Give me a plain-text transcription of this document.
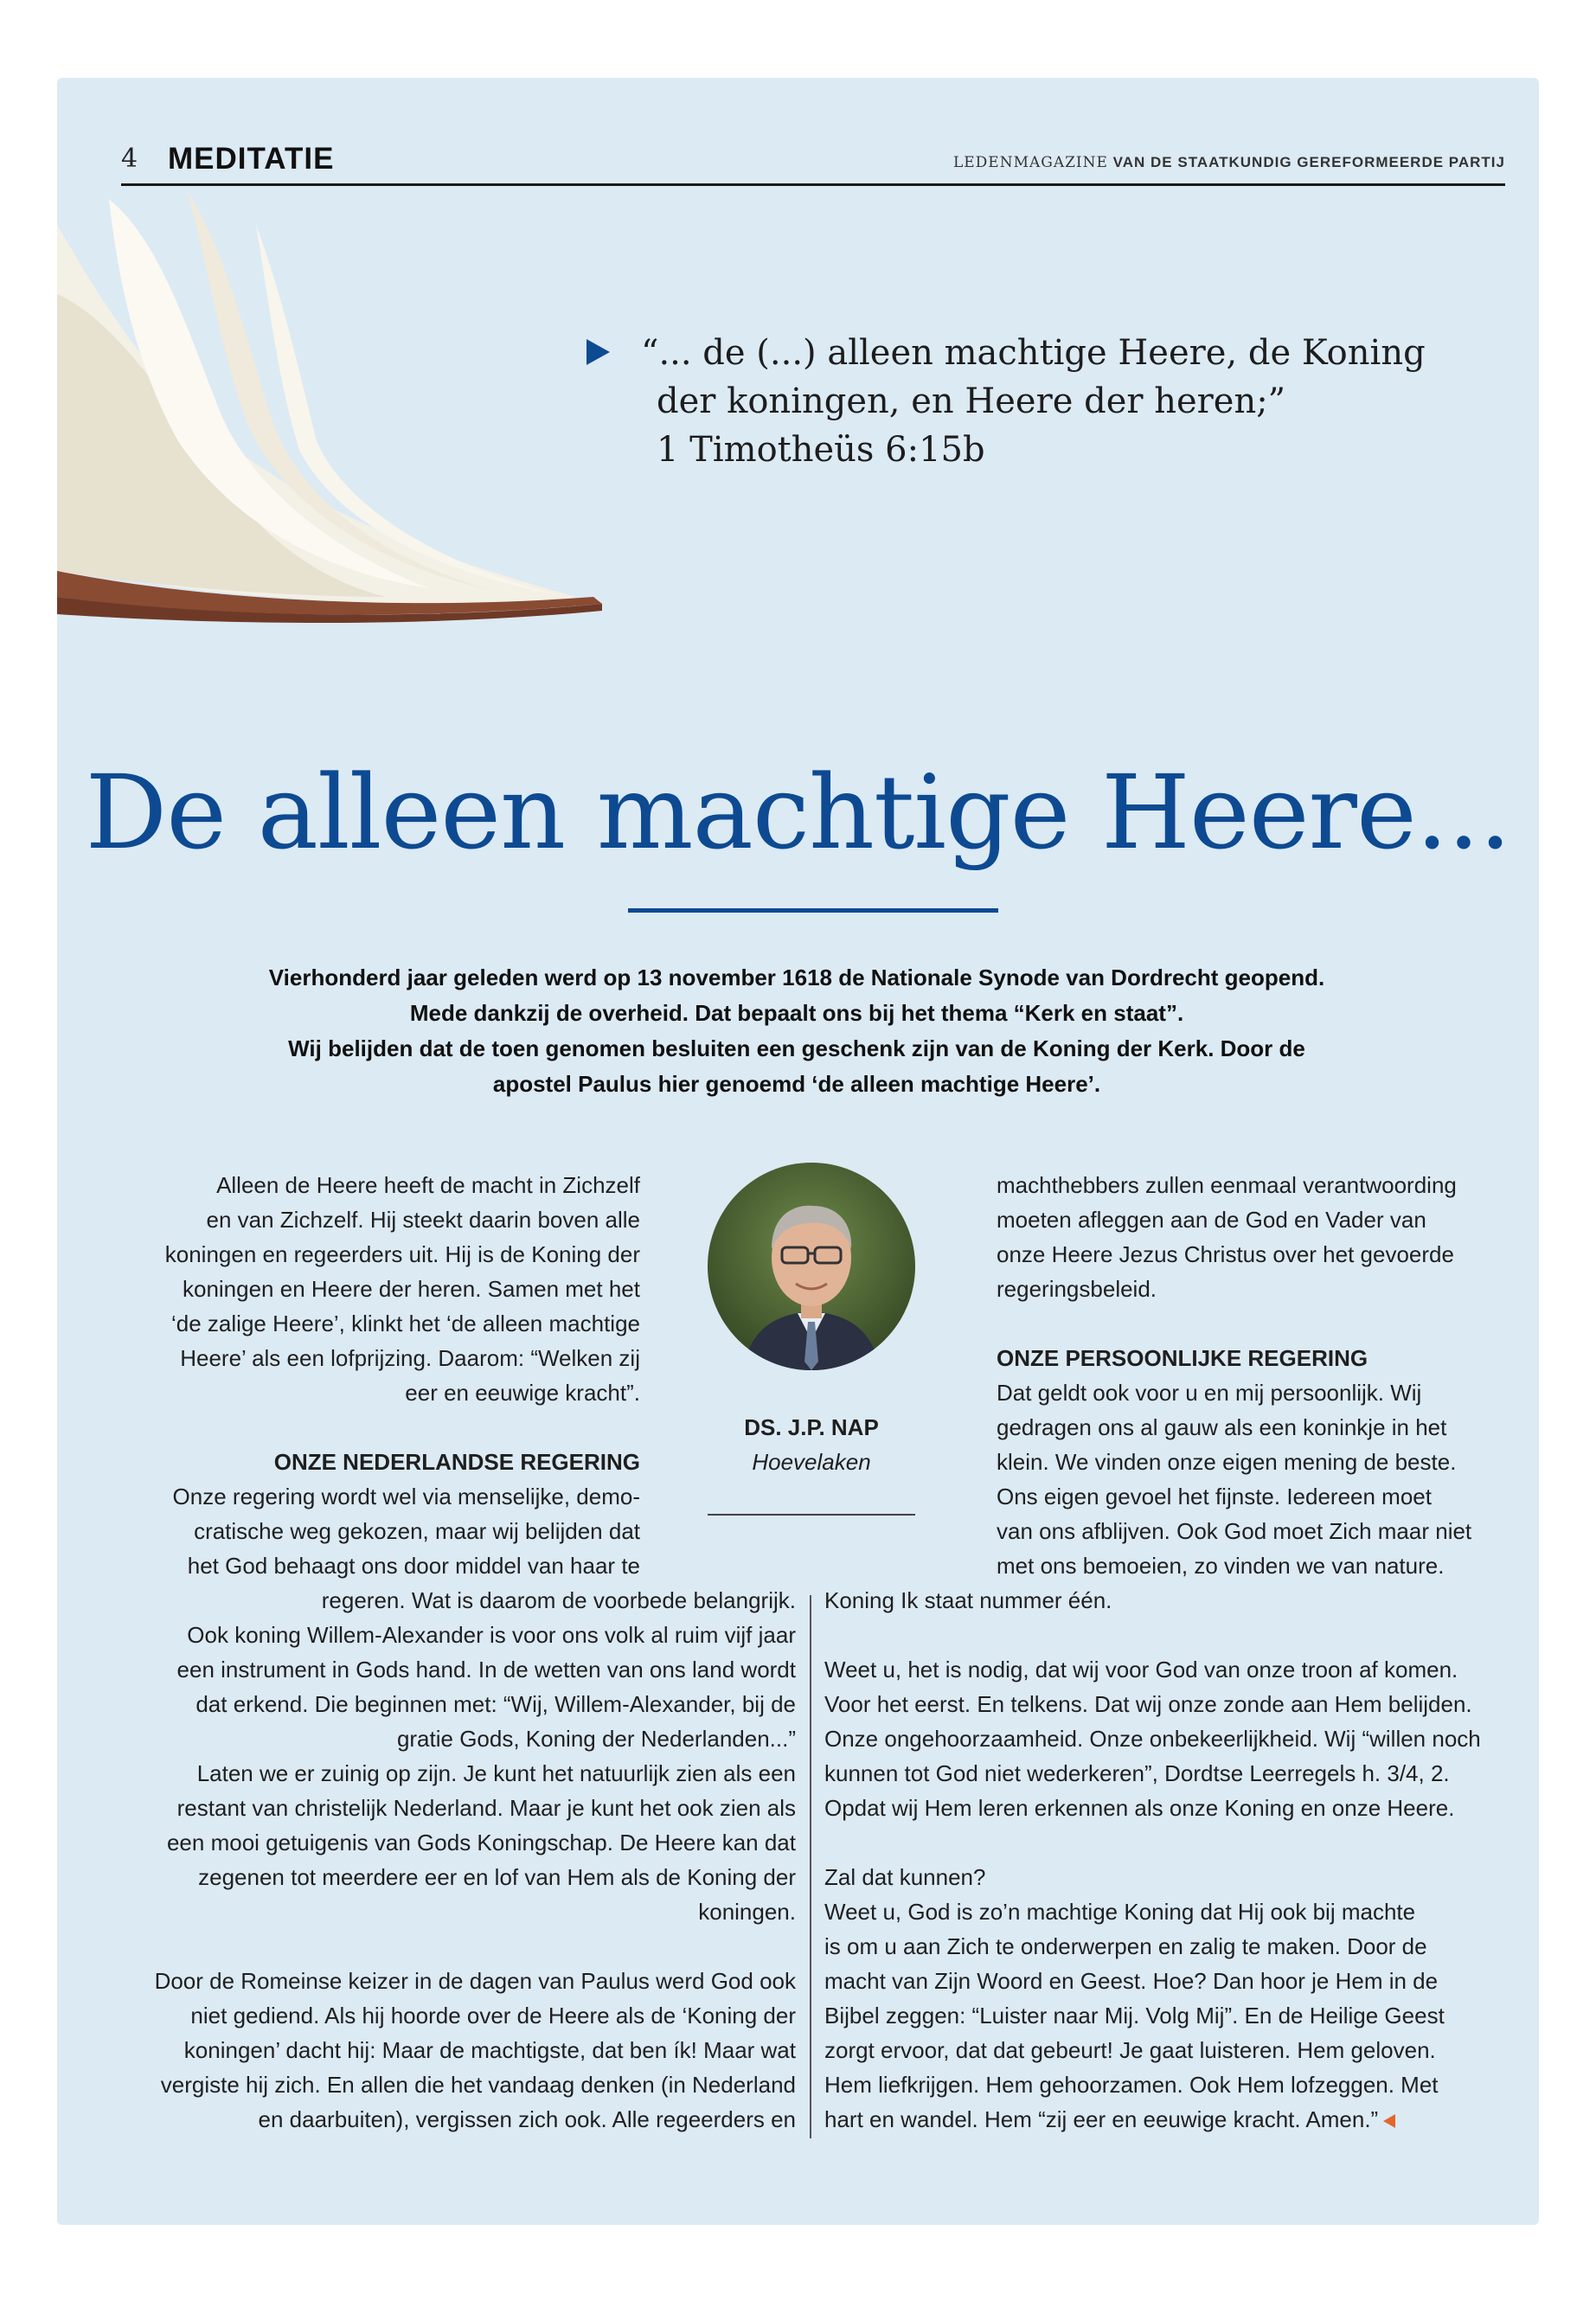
4 MEDITATIE	LEDENMAGAZINE VAN DE STAATKUNDIG GEREFORMEERDE PARTIJ
“... de (...) alleen machtige Heere, de Koning
der koningen, en Heere der heren;”
1 Timotheüs 6:15b
De alleen machtige Heere...
Vierhonderd jaar geleden werd op 13 november 1618 de Nationale Synode van Dordrecht geopend.
Mede dankzij de overheid. Dat bepaalt ons bij het thema “Kerk en staat”.
Wij belijden dat de toen genomen besluiten een geschenk zijn van de Koning der Kerk. Door de
apostel Paulus hier genoemd ‘de alleen machtige Heere’.
Alleen de Heere heeft de macht in Zichzelf
en van Zichzelf. Hij steekt daarin boven alle
koningen en regeerders uit. Hij is de Koning der
koningen en Heere der heren. Samen met het
‘de zalige Heere’, klinkt het ‘de alleen machtige
Heere’ als een lofprijzing. Daarom: “Welken zij
eer en eeuwige kracht”.
ONZE NEDERLANDSE REGERING
Onze regering wordt wel via menselijke, demo-
cratische weg gekozen, maar wij belijden dat
het God behaagt ons door middel van haar te
regeren. Wat is daarom de voorbede belangrijk.
Ook koning Willem-Alexander is voor ons volk al ruim vijf jaar
een instrument in Gods hand. In de wetten van ons land wordt
dat erkend. Die beginnen met: “Wij, Willem-Alexander, bij de
gratie Gods, Koning der Nederlanden...”
Laten we er zuinig op zijn. Je kunt het natuurlijk zien als een
restant van christelijk Nederland. Maar je kunt het ook zien als
een mooi getuigenis van Gods Koningschap. De Heere kan dat
zegenen tot meerdere eer en lof van Hem als de Koning der
koningen.
Door de Romeinse keizer in de dagen van Paulus werd God ook
niet gediend. Als hij hoorde over de Heere als de ‘Koning der
koningen’ dacht hij: Maar de machtigste, dat ben ík! Maar wat
vergiste hij zich. En allen die het vandaag denken (in Nederland
en daarbuiten), vergissen zich ook. Alle regeerders en
DS. J.P. NAP
Hoevelaken
machthebbers zullen eenmaal verantwoording
moeten afleggen aan de God en Vader van
onze Heere Jezus Christus over het gevoerde
regeringsbeleid.
ONZE PERSOONLIJKE REGERING
Dat geldt ook voor u en mij persoonlijk. Wij
gedragen ons al gauw als een koninkje in het
klein. We vinden onze eigen mening de beste.
Ons eigen gevoel het fijnste. Iedereen moet
van ons afblijven. Ook God moet Zich maar niet
met ons bemoeien, zo vinden we van nature.
Koning Ik staat nummer één.
Weet u, het is nodig, dat wij voor God van onze troon af komen.
Voor het eerst. En telkens. Dat wij onze zonde aan Hem belijden.
Onze ongehoorzaamheid. Onze onbekeerlijkheid. Wij “willen noch
kunnen tot God niet wederkeren”, Dordtse Leerregels h. 3/4, 2.
Opdat wij Hem leren erkennen als onze Koning en onze Heere.
Zal dat kunnen?
Weet u, God is zo’n machtige Koning dat Hij ook bij machte
is om u aan Zich te onderwerpen en zalig te maken. Door de
macht van Zijn Woord en Geest. Hoe? Dan hoor je Hem in de
Bijbel zeggen: “Luister naar Mij. Volg Mij”. En de Heilige Geest
zorgt ervoor, dat dat gebeurt! Je gaat luisteren. Hem geloven.
Hem liefkrijgen. Hem gehoorzamen. Ook Hem lofzeggen. Met
hart en wandel. Hem “zij eer en eeuwige kracht. Amen.”
